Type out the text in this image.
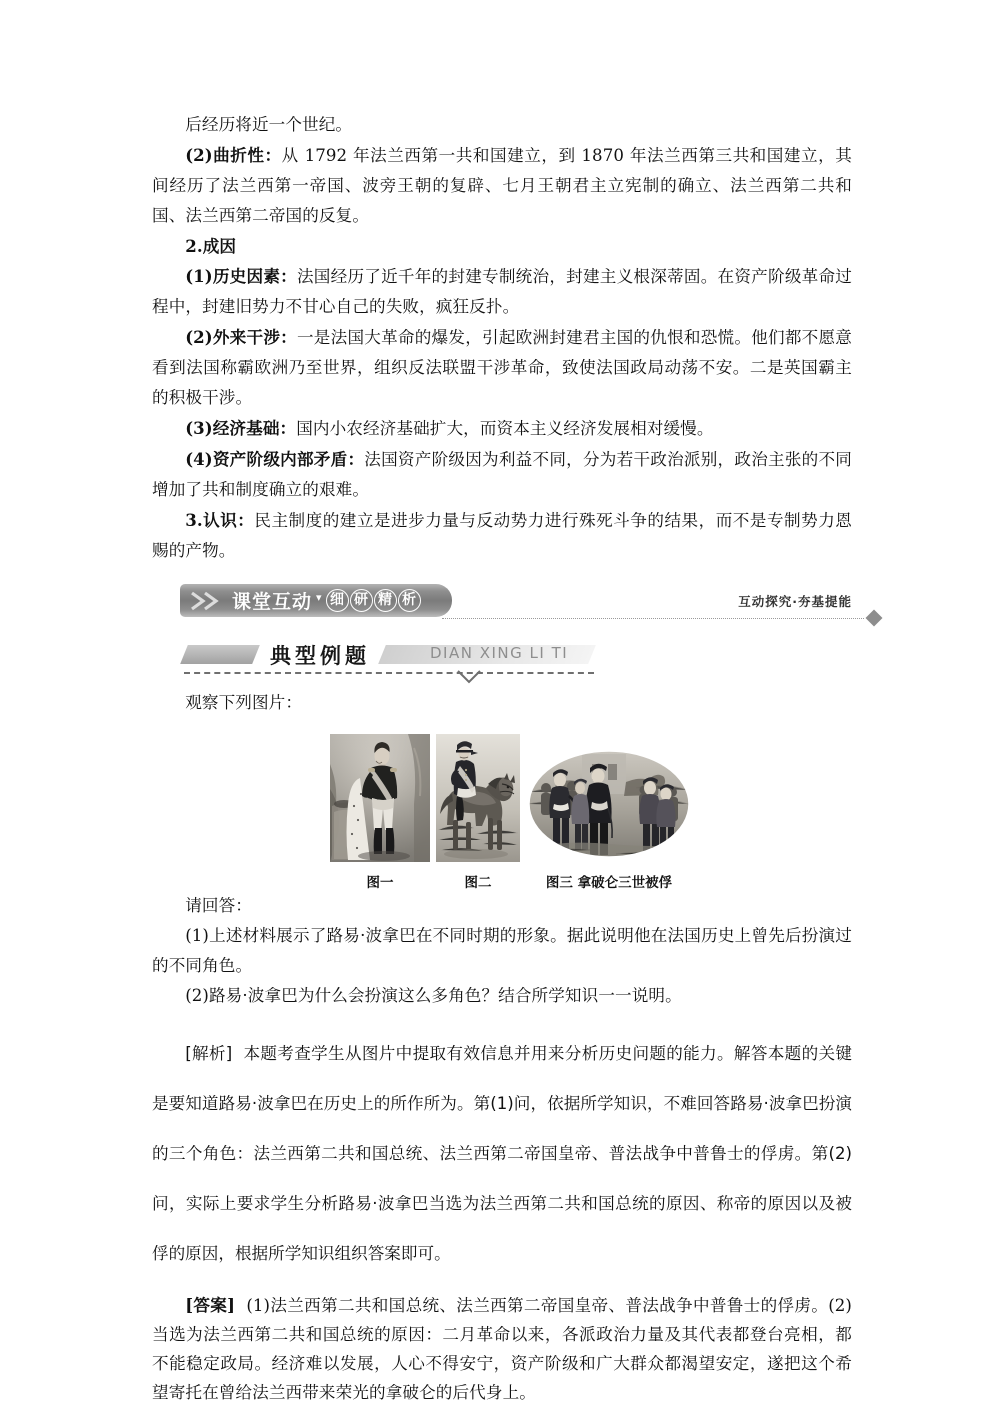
后经历将近一个世纪。

(2)曲折性：从 1792 年法兰西第一共和国建立，到 1870 年法兰西第三共和国建立，其间经历了法兰西第一帝国、波旁王朝的复辟、七月王朝君主立宪制的确立、法兰西第二共和国、法兰西第二帝国的反复。

2.成因

(1)历史因素：法国经历了近千年的封建专制统治，封建主义根深蒂固。在资产阶级革命过程中，封建旧势力不甘心自己的失败，疯狂反扑。

(2)外来干涉：一是法国大革命的爆发，引起欧洲封建君主国的仇恨和恐慌。他们都不愿意看到法国称霸欧洲乃至世界，组织反法联盟干涉革命，致使法国政局动荡不安。二是英国霸主的积极干涉。

(3)经济基础：国内小农经济基础扩大，而资本主义经济发展相对缓慢。

(4)资产阶级内部矛盾：法国资产阶级因为利益不同，分为若干政治派别，政治主张的不同增加了共和制度确立的艰难。

3.认识：民主制度的建立是进步力量与反动势力进行殊死斗争的结果，而不是专制势力恩赐的产物。

课堂互动 ▾ 细 研 精 析	互动探究·夯基提能
典型例题	DIAN XING LI TI

观察下列图片：

图一	图二	图三 拿破仑三世被俘

请回答：

(1)上述材料展示了路易·波拿巴在不同时期的形象。据此说明他在法国历史上曾先后扮演过的不同角色。

(2)路易·波拿巴为什么会扮演这么多角色？结合所学知识一一说明。

[解析] 本题考查学生从图片中提取有效信息并用来分析历史问题的能力。解答本题的关键是要知道路易·波拿巴在历史上的所作所为。第(1)问，依据所学知识，不难回答路易·波拿巴扮演的三个角色：法兰西第二共和国总统、法兰西第二帝国皇帝、普法战争中普鲁士的俘虏。第(2)问，实际上要求学生分析路易·波拿巴当选为法兰西第二共和国总统的原因、称帝的原因以及被俘的原因，根据所学知识组织答案即可。

[答案] (1)法兰西第二共和国总统、法兰西第二帝国皇帝、普法战争中普鲁士的俘虏。(2)当选为法兰西第二共和国总统的原因：二月革命以来，各派政治力量及其代表都登台亮相，都不能稳定政局。经济难以发展，人心不得安宁，资产阶级和广大群众都渴望安定，遂把这个希望寄托在曾给法兰西带来荣光的拿破仑的后代身上。
